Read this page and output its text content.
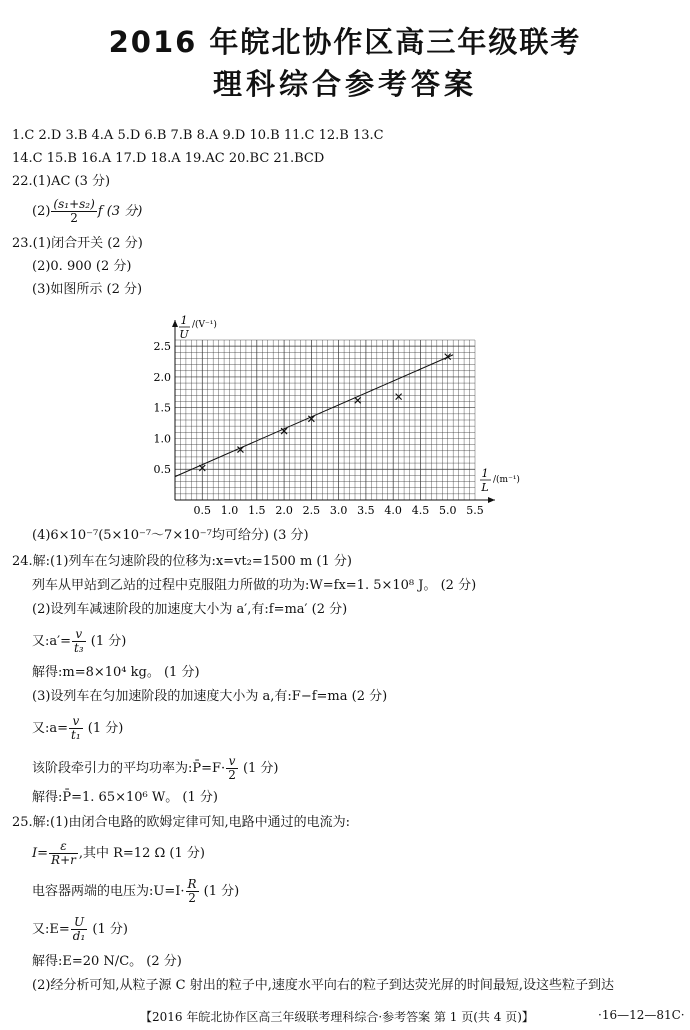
2016 年皖北协作区高三年级联考
理科综合参考答案
1.C 2.D 3.B 4.A 5.D 6.B 7.B 8.A 9.D 10.B 11.C 12.B 13.C
14.C 15.B 16.A 17.D 18.A 19.AC 20.BC 21.BCD
22.(1)AC (3 分)
$(2) \frac{\text{(s₁+s₂)}}{2}$ f (3 分)
23.(1)闭合开关 (2 分)
(2)0. 900 (2 分)
(3)如图所示 (2 分)
0.5 1.0 1.5 2.0 2.5 3.0 3.5 4.0 4.5 5.0 5.5
0.5
1.0
1.5
2.0
2.5
1
U
/(V⁻¹)
1
L
/(m⁻¹)
(4)6×10⁻⁷(5×10⁻⁷～7×10⁻⁷均可给分) (3 分)
24.解:(1)列车在匀速阶段的位移为:x=vt₂=1500 m (1 分)
列车从甲站到乙站的过程中克服阻力所做的功为:W=fx=1. 5×10⁸ J。 (2 分)
(2)设列车减速阶段的加速度大小为 a′,有:f=ma′ (2 分)
又:a′= $\frac{v}{\text{t₃}} (1$ 分)
解得:m=8×10⁴ kg。 (1 分)
(3)设列车在匀加速阶段的加速度大小为 a,有:F−f=ma (2 分)
又:a= $\frac{v}{\text{t₁}} (1$ 分)
该阶段牵引力的平均功率为:P̄=F· $\frac{v}{2} (1$ 分)
解得:P̄=1. 65×10⁶ W。 (1 分)
25.解:(1)由闭合电路的欧姆定律可知,电路中通过的电流为:
$I= \frac{\varepsilon}{R+r}$ ,其中 R=12 Ω (1 分)
电容器两端的电压为:U=I· $\frac{R}{2} (1$ 分)
又:E= $\frac{U}{\text{d₁}} (1$ 分)
解得:E=20 N/C。 (2 分)
(2)经分析可知,从粒子源 C 射出的粒子中,速度水平向右的粒子到达荧光屏的时间最短,设这些粒子到达
【2016 年皖北协作区高三年级联考理科综合·参考答案 第 1 页(共 4 页)】	·16—12—81C·
